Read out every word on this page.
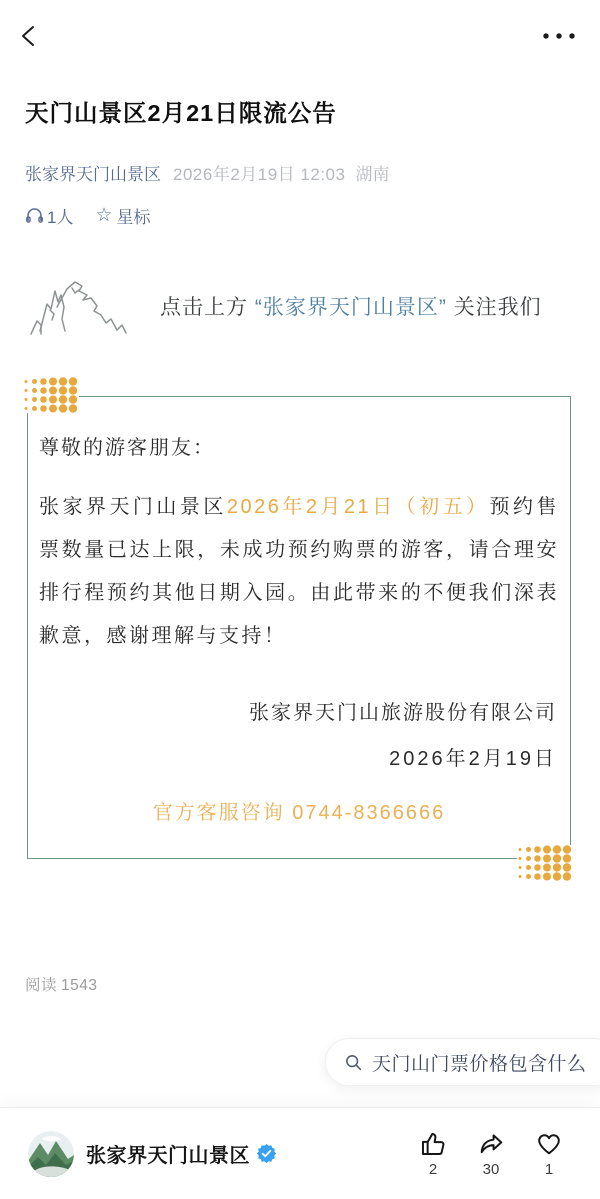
天门山景区2月21日限流公告
张家界天门山景区 2026年2月19日 12:03 湖南
1人 ☆ 星标
点击上方 “张家界天门山景区” 关注我们
尊敬的游客朋友：
张家界天门山景区2026年2月21日（初五）预约售票数量已达上限，未成功预约购票的游客，请合理安排行程预约其他日期入园。由此带来的不便我们深表歉意，感谢理解与支持！
张家界天门山旅游股份有限公司
2026年2月19日
官方客服咨询 0744-8366666
阅读 1543
天门山门票价格包含什么
张家界天门山景区
2	30	1
